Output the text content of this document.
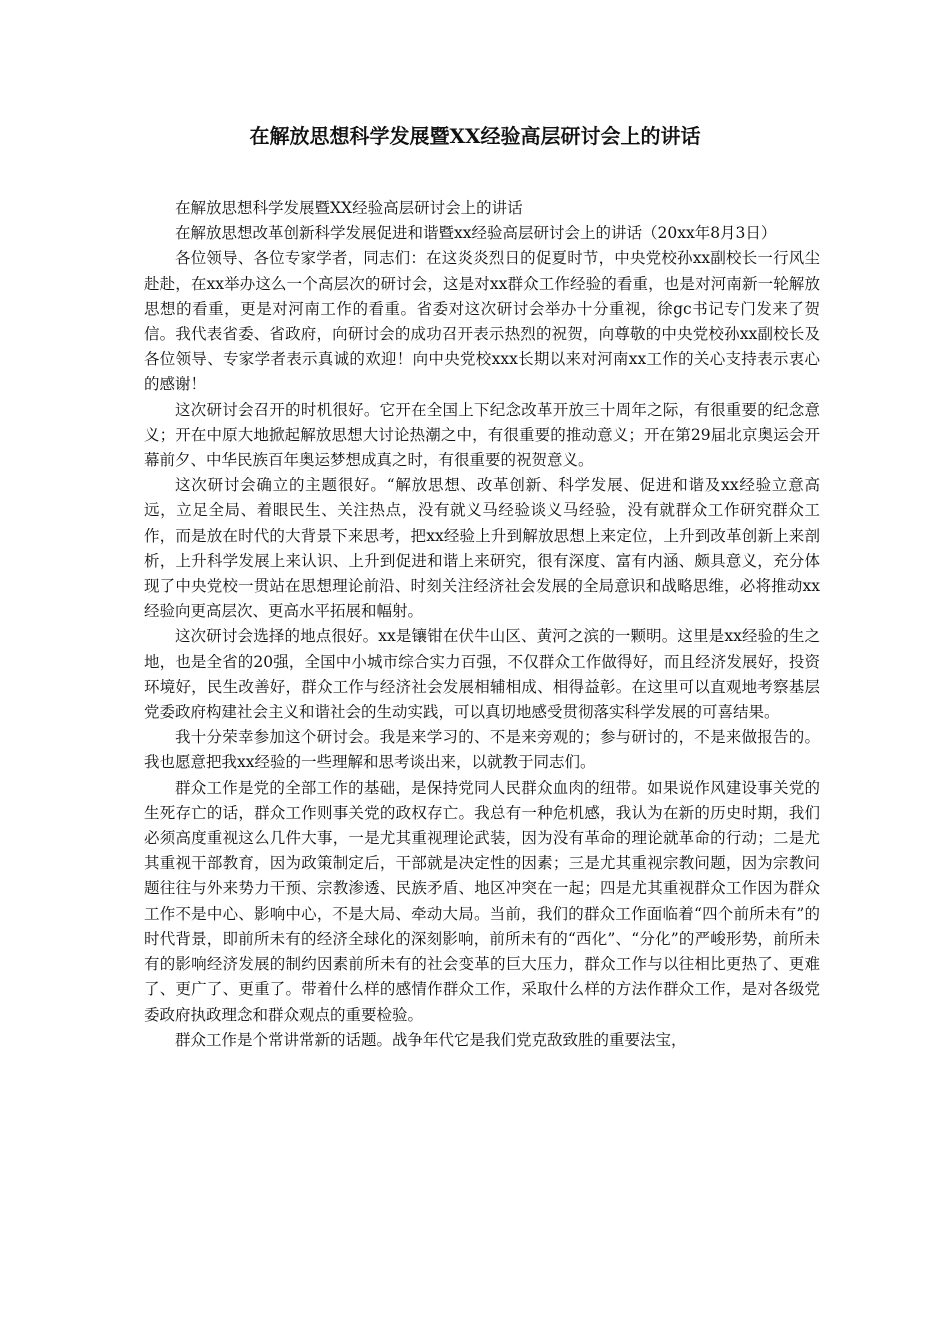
在解放思想科学发展暨XX经验高层研讨会上的讲话

在解放思想科学发展暨XX经验高层研讨会上的讲话

在解放思想改革创新科学发展促进和谐暨xx经验高层研讨会上的讲话（20xx年8月3日）

各位领导、各位专家学者，同志们：在这炎炎烈日的促夏时节，中央党校孙xx副校长一行风尘赴赴，在xx举办这么一个高层次的研讨会，这是对xx群众工作经验的看重，也是对河南新一轮解放思想的看重，更是对河南工作的看重。省委对这次研讨会举办十分重视，徐gc书记专门发来了贺信。我代表省委、省政府，向研讨会的成功召开表示热烈的祝贺，向尊敬的中央党校孙xx副校长及各位领导、专家学者表示真诚的欢迎！向中央党校xxx长期以来对河南xx工作的关心支持表示衷心的感谢！

这次研讨会召开的时机很好。它开在全国上下纪念改革开放三十周年之际，有很重要的纪念意义；开在中原大地掀起解放思想大讨论热潮之中，有很重要的推动意义；开在第29届北京奥运会开幕前夕、中华民族百年奥运梦想成真之时，有很重要的祝贺意义。

这次研讨会确立的主题很好。“解放思想、改革创新、科学发展、促进和谐及xx经验立意高远，立足全局、着眼民生、关注热点，没有就义马经验谈义马经验，没有就群众工作研究群众工作，而是放在时代的大背景下来思考，把xx经验上升到解放思想上来定位，上升到改革创新上来剖析，上升科学发展上来认识、上升到促进和谐上来研究，很有深度、富有内涵、颇具意义，充分体现了中央党校一贯站在思想理论前沿、时刻关注经济社会发展的全局意识和战略思维，必将推动xx经验向更高层次、更高水平拓展和幅射。

这次研讨会选择的地点很好。xx是镶钳在伏牛山区、黄河之滨的一颗明。这里是xx经验的生之地，也是全省的20强，全国中小城市综合实力百强，不仅群众工作做得好，而且经济发展好，投资环境好，民生改善好，群众工作与经济社会发展相辅相成、相得益彰。在这里可以直观地考察基层党委政府构建社会主义和谐社会的生动实践，可以真切地感受贯彻落实科学发展的可喜结果。

我十分荣幸参加这个研讨会。我是来学习的、不是来旁观的；参与研讨的，不是来做报告的。我也愿意把我xx经验的一些理解和思考谈出来，以就教于同志们。

群众工作是党的全部工作的基础，是保持党同人民群众血肉的纽带。如果说作风建设事关党的生死存亡的话，群众工作则事关党的政权存亡。我总有一种危机感，我认为在新的历史时期，我们必须高度重视这么几件大事，一是尤其重视理论武装，因为没有革命的理论就革命的行动；二是尤其重视干部教育，因为政策制定后，干部就是决定性的因素；三是尤其重视宗教问题，因为宗教问题往往与外来势力干预、宗教渗透、民族矛盾、地区冲突在一起；四是尤其重视群众工作因为群众工作不是中心、影响中心，不是大局、牵动大局。当前，我们的群众工作面临着“四个前所未有”的时代背景，即前所未有的经济全球化的深刻影响，前所未有的“西化”、“分化”的严峻形势，前所未有的影响经济发展的制约因素前所未有的社会变革的巨大压力，群众工作与以往相比更热了、更难了、更广了、更重了。带着什么样的感情作群众工作，采取什么样的方法作群众工作，是对各级党委政府执政理念和群众观点的重要检验。

群众工作是个常讲常新的话题。战争年代它是我们党克敌致胜的重要法宝，
